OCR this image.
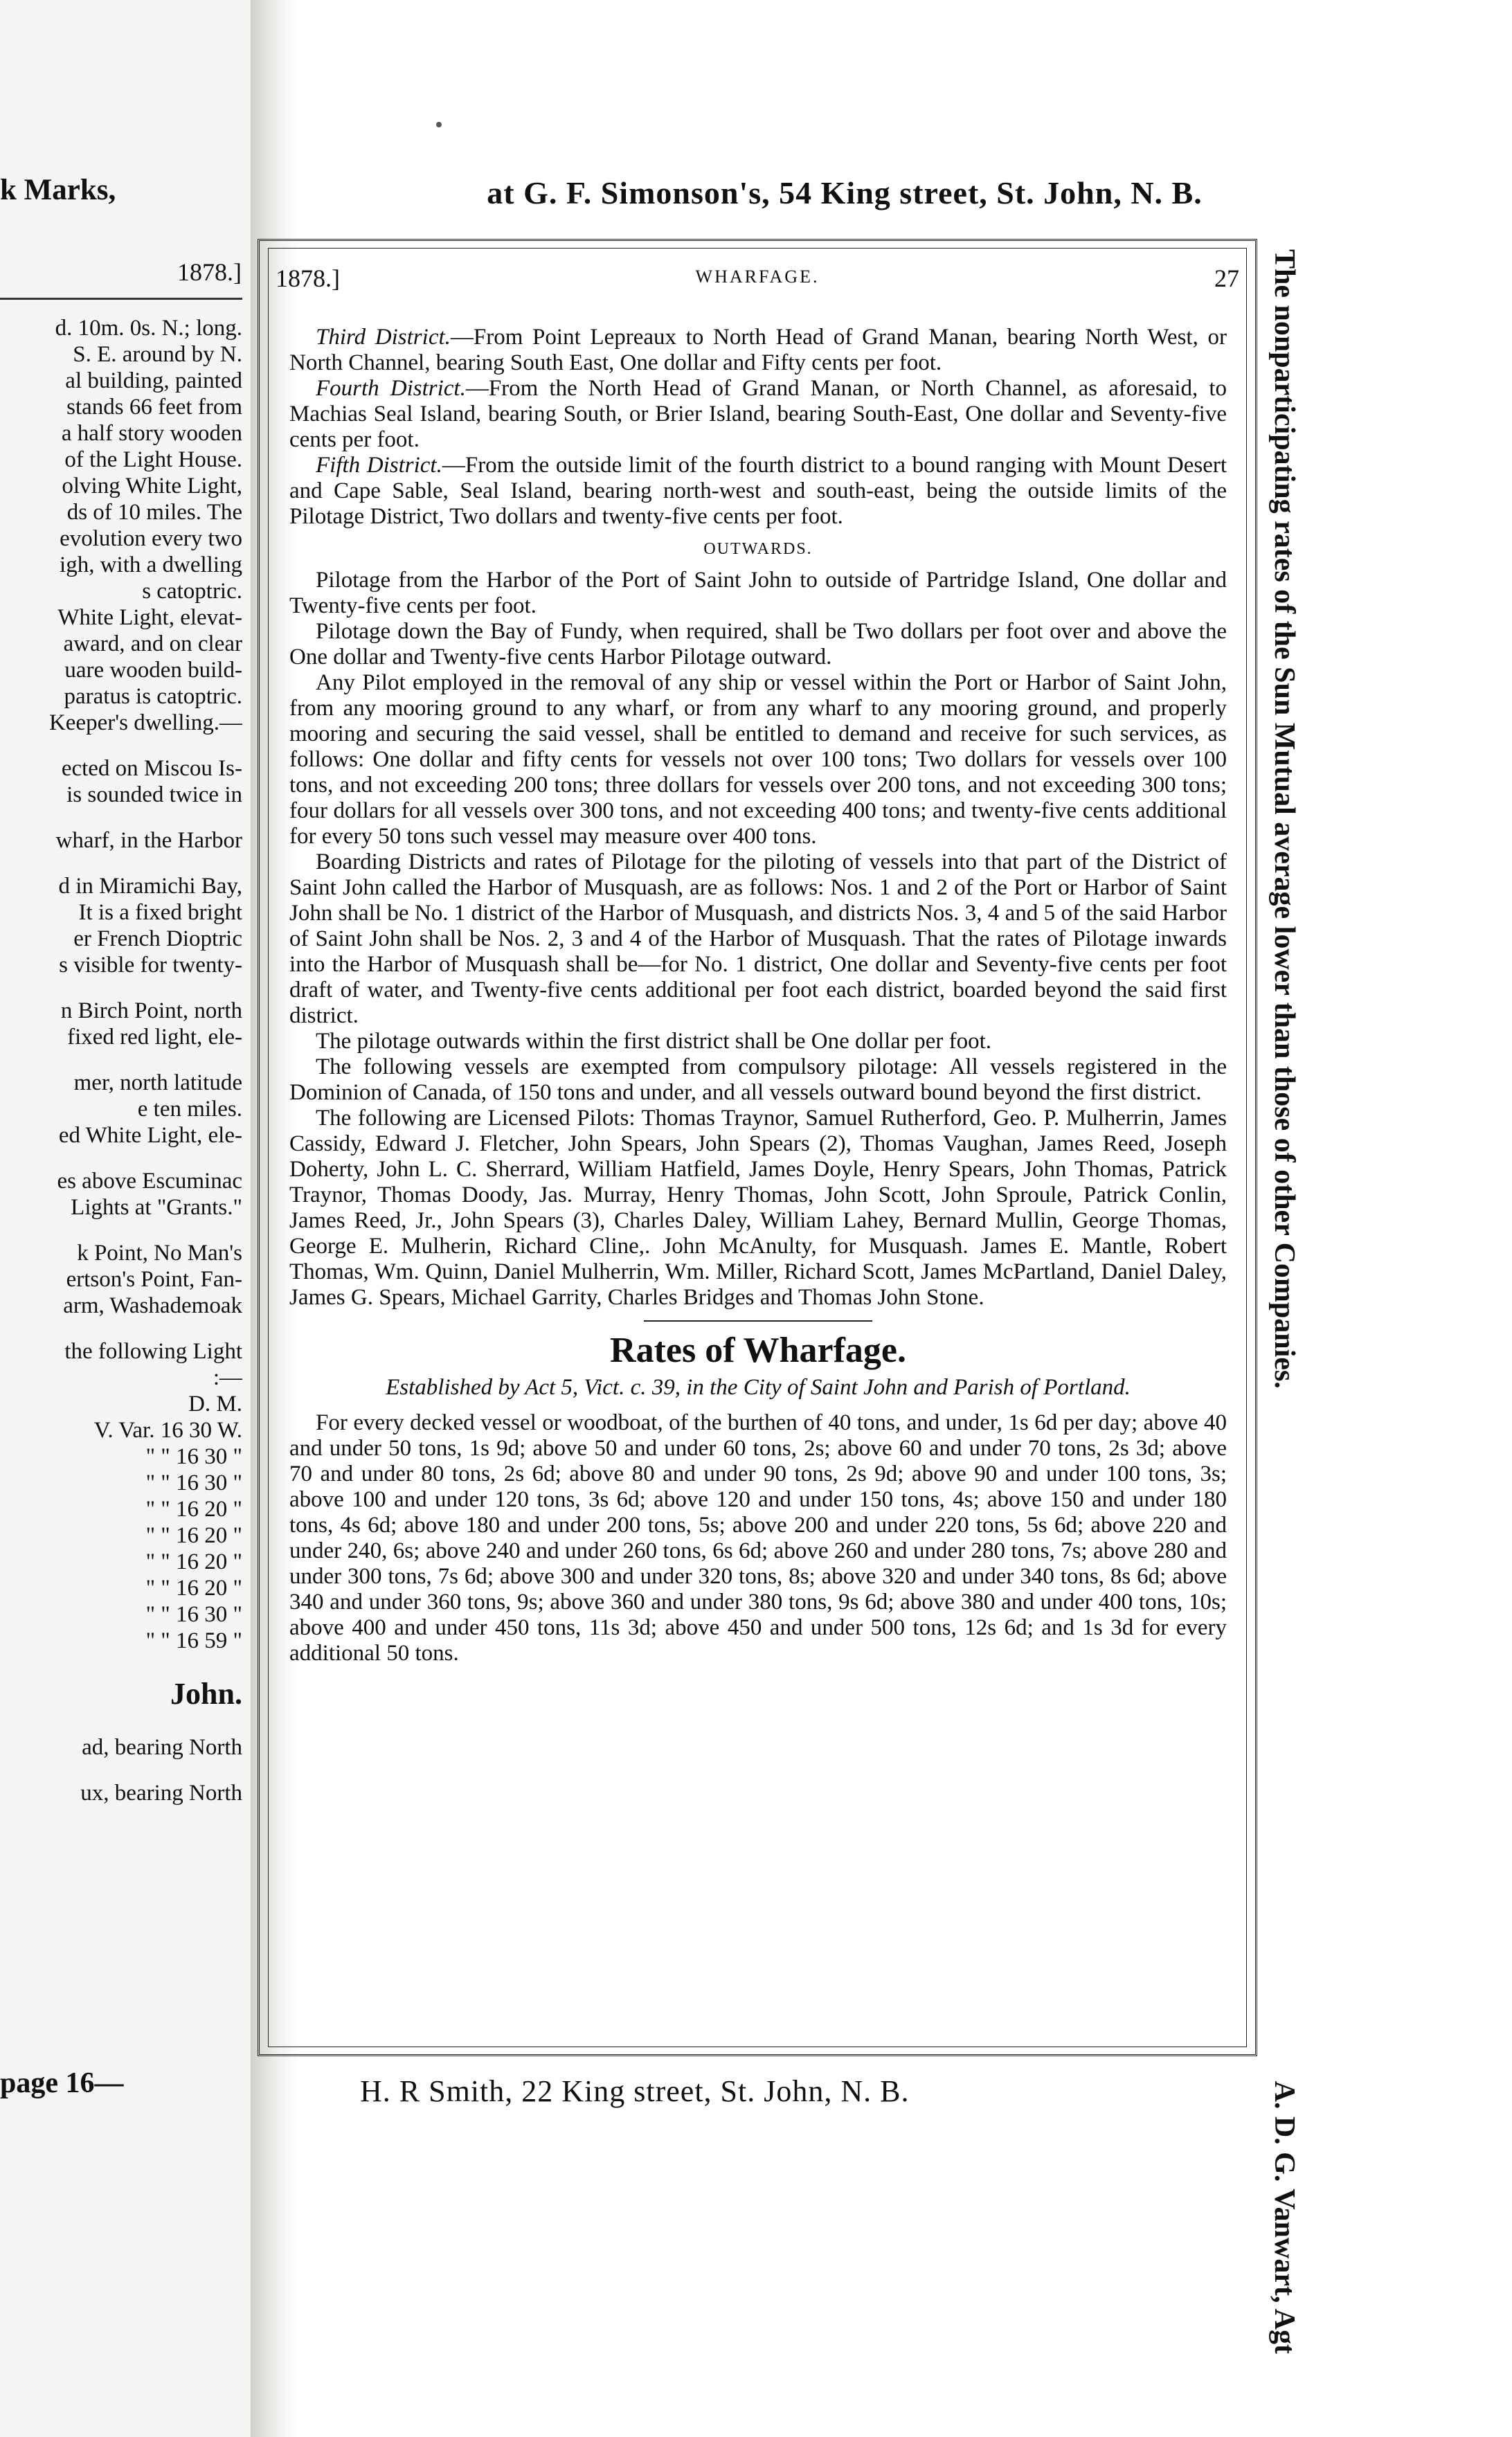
k Marks,
1878.]
d. 10m. 0s. N.; long.
S. E. around by N.
al building, painted
stands 66 feet from
a half story wooden
of the Light House.
olving White Light,
ds of 10 miles. The
evolution every two
igh, with a dwelling
s catoptric.
White Light, elevat-
award, and on clear
uare wooden build-
paratus is catoptric.
Keeper's dwelling.—
ected on Miscou Is-
is sounded twice in
wharf, in the Harbor
d in Miramichi Bay,
It is a fixed bright
er French Dioptric
s visible for twenty-
n Birch Point, north
fixed red light, ele-
mer, north latitude
e ten miles.
ed White Light, ele-
es above Escuminac
Lights at "Grants."
k Point, No Man's
ertson's Point, Fan-
arm, Washademoak
the following Light
:—
D. M.
V. Var. 16 30 W.
" " 16 30 "
" " 16 30 "
" " 16 20 "
" " 16 20 "
" " 16 20 "
" " 16 20 "
" " 16 30 "
" " 16 59 "
John.
ad, bearing North
ux, bearing North
page 16—
at G. F. Simonson's, 54 King street, St. John, N. B.
1878.]	WHARFAGE.	27

Third District.—From Point Lepreaux to North Head of Grand Manan, bearing North West, or North Channel, bearing South East, One dollar and Fifty cents per foot.

Fourth District.—From the North Head of Grand Manan, or North Channel, as aforesaid, to Machias Seal Island, bearing South, or Brier Island, bearing South-East, One dollar and Seventy-five cents per foot.

Fifth District.—From the outside limit of the fourth district to a bound ranging with Mount Desert and Cape Sable, Seal Island, bearing north-west and south-east, being the outside limits of the Pilotage District, Two dollars and twenty-five cents per foot.

OUTWARDS.

Pilotage from the Harbor of the Port of Saint John to outside of Partridge Island, One dollar and Twenty-five cents per foot.

Pilotage down the Bay of Fundy, when required, shall be Two dollars per foot over and above the One dollar and Twenty-five cents Harbor Pilotage outward.

Any Pilot employed in the removal of any ship or vessel within the Port or Harbor of Saint John, from any mooring ground to any wharf, or from any wharf to any mooring ground, and properly mooring and securing the said vessel, shall be entitled to demand and receive for such services, as follows: One dollar and fifty cents for vessels not over 100 tons; Two dollars for vessels over 100 tons, and not exceeding 200 tons; three dollars for vessels over 200 tons, and not exceeding 300 tons; four dollars for all vessels over 300 tons, and not exceeding 400 tons; and twenty-five cents additional for every 50 tons such vessel may measure over 400 tons.

Boarding Districts and rates of Pilotage for the piloting of vessels into that part of the District of Saint John called the Harbor of Musquash, are as follows: Nos. 1 and 2 of the Port or Harbor of Saint John shall be No. 1 district of the Harbor of Musquash, and districts Nos. 3, 4 and 5 of the said Harbor of Saint John shall be Nos. 2, 3 and 4 of the Harbor of Musquash. That the rates of Pilotage inwards into the Harbor of Musquash shall be—for No. 1 district, One dollar and Seventy-five cents per foot draft of water, and Twenty-five cents additional per foot each district, boarded beyond the said first district.

The pilotage outwards within the first district shall be One dollar per foot.

The following vessels are exempted from compulsory pilotage: All vessels registered in the Dominion of Canada, of 150 tons and under, and all vessels outward bound beyond the first district.

The following are Licensed Pilots: Thomas Traynor, Samuel Rutherford, Geo. P. Mulherrin, James Cassidy, Edward J. Fletcher, John Spears, John Spears (2), Thomas Vaughan, James Reed, Joseph Doherty, John L. C. Sherrard, William Hatfield, James Doyle, Henry Spears, John Thomas, Patrick Traynor, Thomas Doody, Jas. Murray, Henry Thomas, John Scott, John Sproule, Patrick Conlin, James Reed, Jr., John Spears (3), Charles Daley, William Lahey, Bernard Mullin, George Thomas, George E. Mulherin, Richard Cline,. John McAnulty, for Musquash. James E. Mantle, Robert Thomas, Wm. Quinn, Daniel Mulherrin, Wm. Miller, Richard Scott, James McPartland, Daniel Daley, James G. Spears, Michael Garrity, Charles Bridges and Thomas John Stone.

Rates of Wharfage.
Established by Act 5, Vict. c. 39, in the City of Saint John and Parish of Portland.

For every decked vessel or woodboat, of the burthen of 40 tons, and under, 1s 6d per day; above 40 and under 50 tons, 1s 9d; above 50 and under 60 tons, 2s; above 60 and under 70 tons, 2s 3d; above 70 and under 80 tons, 2s 6d; above 80 and under 90 tons, 2s 9d; above 90 and under 100 tons, 3s; above 100 and under 120 tons, 3s 6d; above 120 and under 150 tons, 4s; above 150 and under 180 tons, 4s 6d; above 180 and under 200 tons, 5s; above 200 and under 220 tons, 5s 6d; above 220 and under 240, 6s; above 240 and under 260 tons, 6s 6d; above 260 and under 280 tons, 7s; above 280 and under 300 tons, 7s 6d; above 300 and under 320 tons, 8s; above 320 and under 340 tons, 8s 6d; above 340 and under 360 tons, 9s; above 360 and under 380 tons, 9s 6d; above 380 and under 400 tons, 10s; above 400 and under 450 tons, 11s 3d; above 450 and under 500 tons, 12s 6d; and 1s 3d for every additional 50 tons.

H. R Smith, 22 King street, St. John, N. B.
The nonparticipating rates of the Sun Mutual average lower than those of other Companies.
A. D. G. Vanwart, Agt
